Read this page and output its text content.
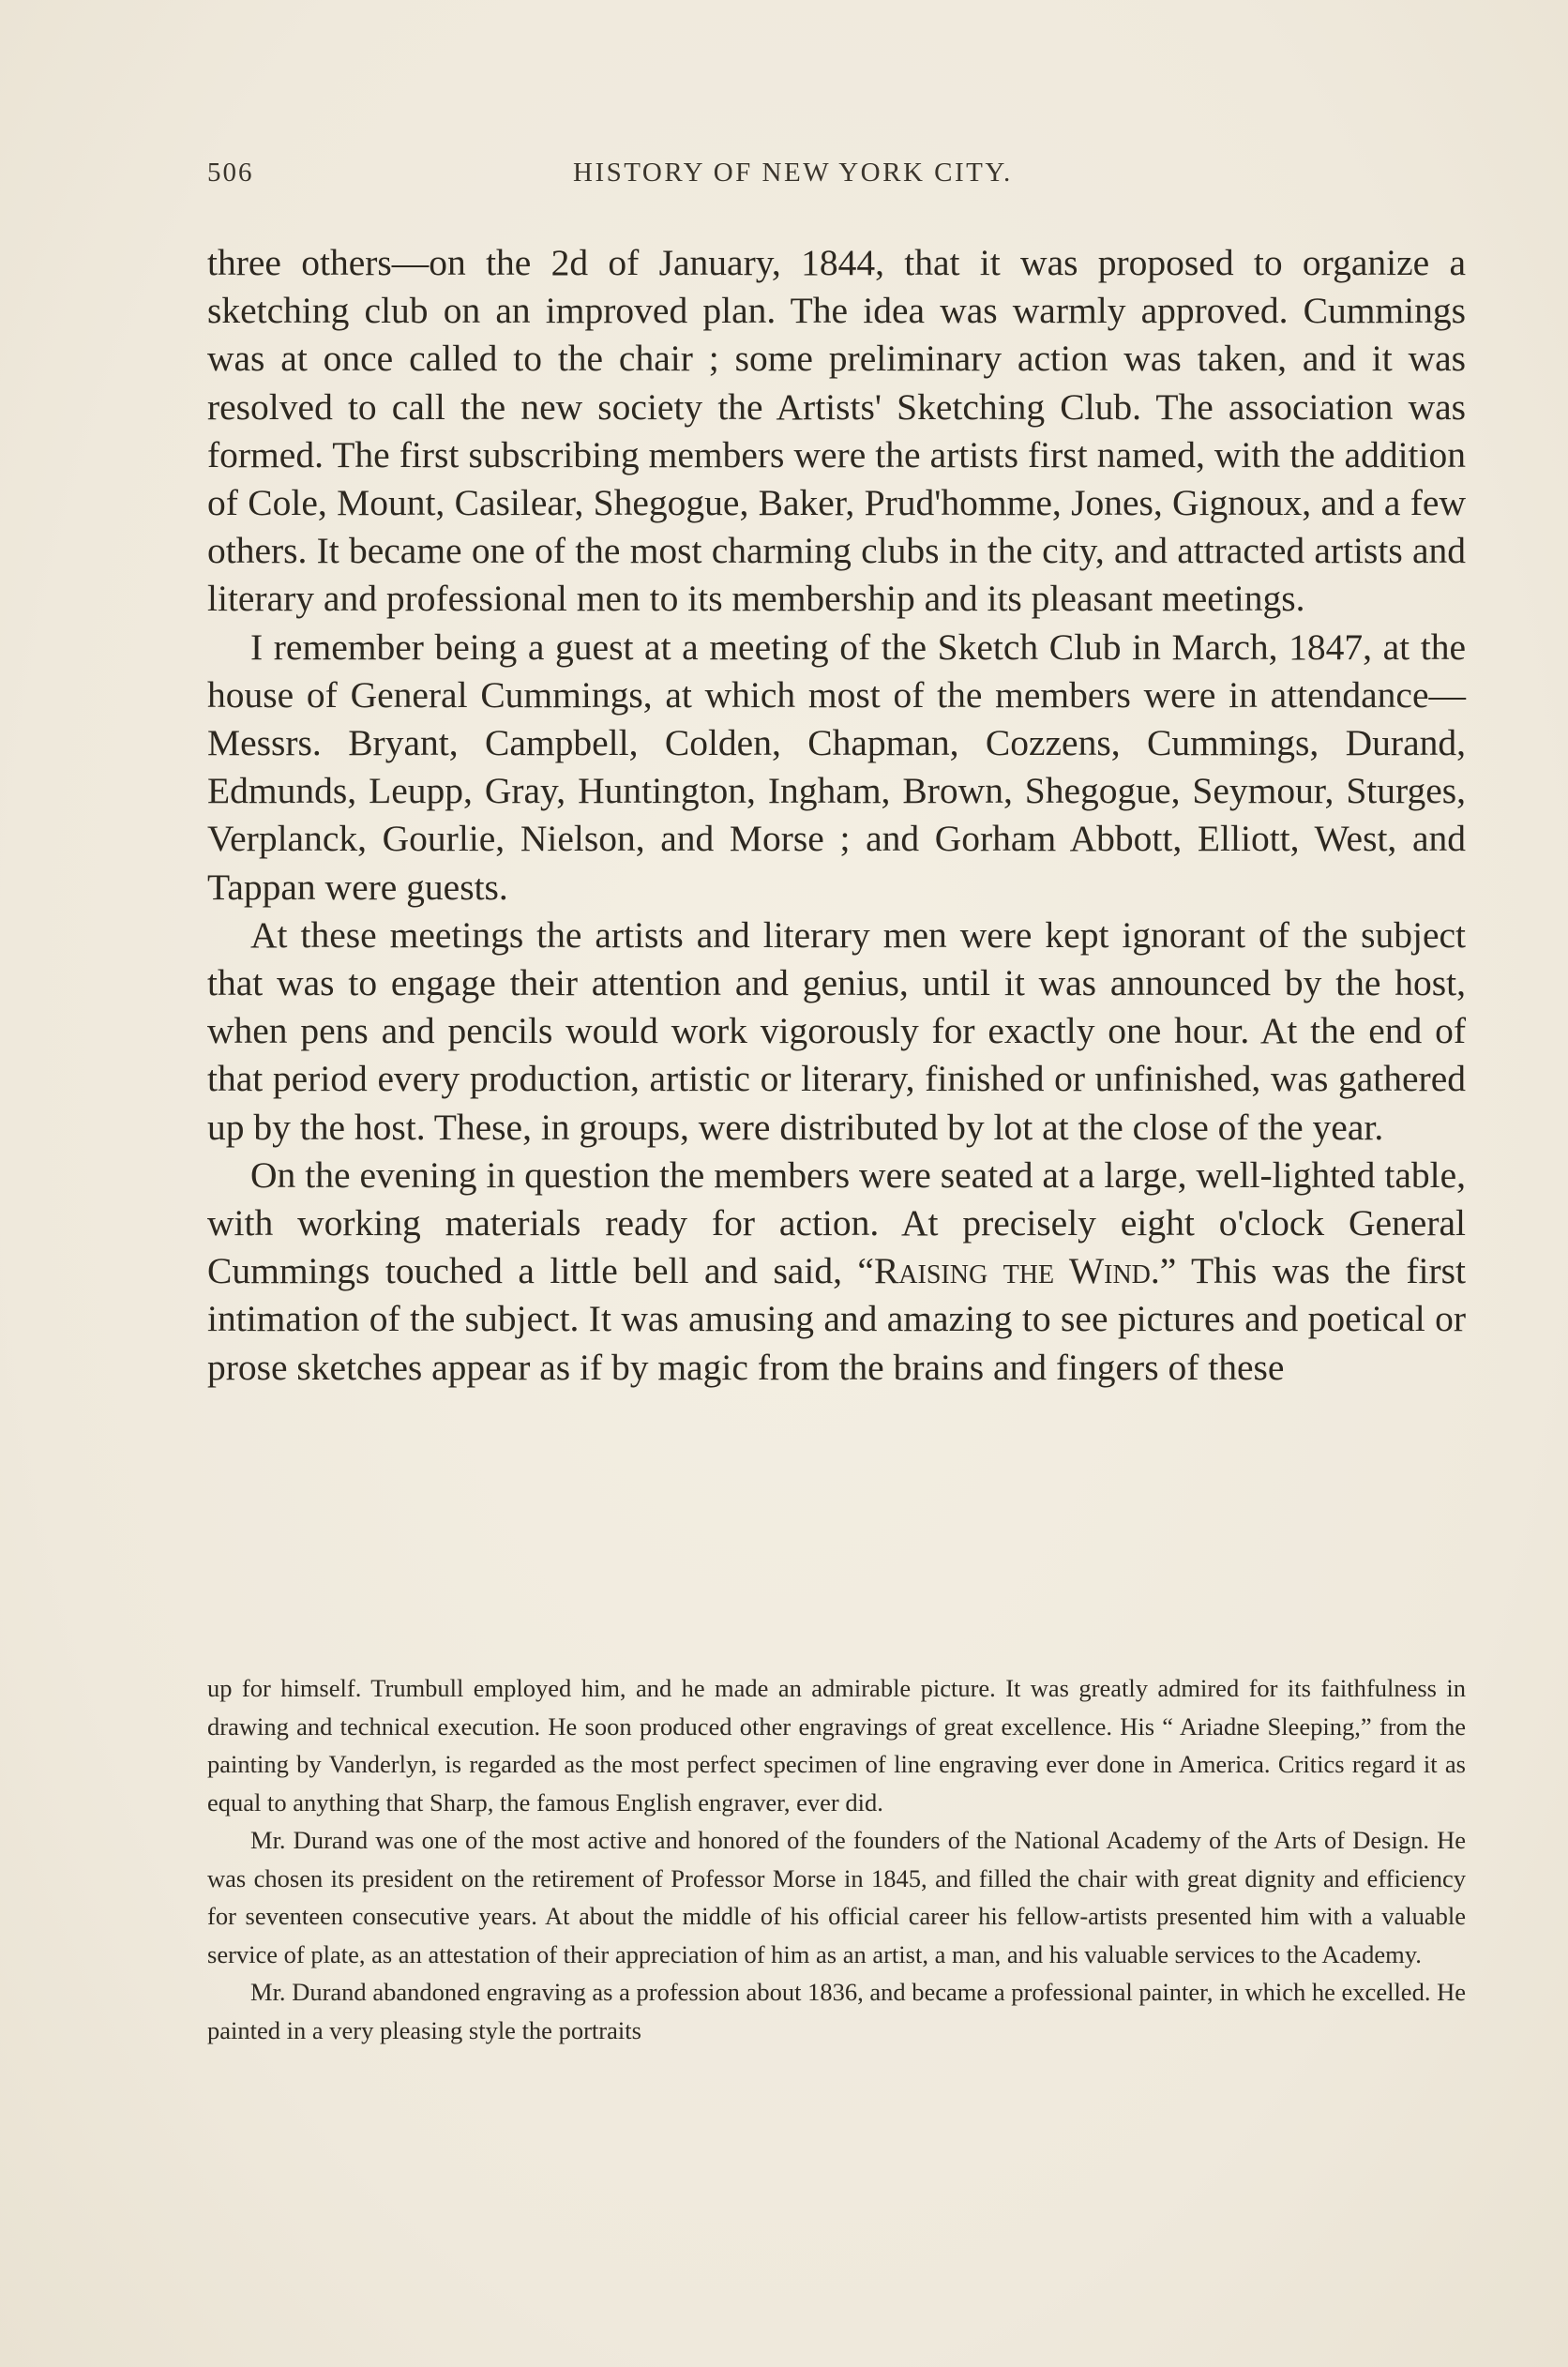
506	HISTORY OF NEW YORK CITY.

three others—on the 2d of January, 1844, that it was proposed to organize a sketching club on an improved plan. The idea was warmly approved. Cummings was at once called to the chair ; some preliminary action was taken, and it was resolved to call the new society the Artists' Sketching Club. The association was formed. The first subscribing members were the artists first named, with the addition of Cole, Mount, Casilear, Shegogue, Baker, Prud'homme, Jones, Gignoux, and a few others. It became one of the most charming clubs in the city, and attracted artists and literary and professional men to its membership and its pleasant meetings.

I remember being a guest at a meeting of the Sketch Club in March, 1847, at the house of General Cummings, at which most of the members were in attendance—Messrs. Bryant, Campbell, Colden, Chapman, Cozzens, Cummings, Durand, Edmunds, Leupp, Gray, Huntington, Ingham, Brown, Shegogue, Seymour, Sturges, Verplanck, Gourlie, Nielson, and Morse ; and Gorham Abbott, Elliott, West, and Tappan were guests.

At these meetings the artists and literary men were kept ignorant of the subject that was to engage their attention and genius, until it was announced by the host, when pens and pencils would work vigorously for exactly one hour. At the end of that period every production, artistic or literary, finished or unfinished, was gathered up by the host. These, in groups, were distributed by lot at the close of the year.

On the evening in question the members were seated at a large, well-lighted table, with working materials ready for action. At precisely eight o'clock General Cummings touched a little bell and said, “Raising the Wind.” This was the first intimation of the subject. It was amusing and amazing to see pictures and poetical or prose sketches appear as if by magic from the brains and fingers of these

up for himself. Trumbull employed him, and he made an admirable picture. It was greatly admired for its faithfulness in drawing and technical execution. He soon produced other engravings of great excellence. His “ Ariadne Sleeping,” from the painting by Vanderlyn, is regarded as the most perfect specimen of line engraving ever done in America. Critics regard it as equal to anything that Sharp, the famous English engraver, ever did.

Mr. Durand was one of the most active and honored of the founders of the National Academy of the Arts of Design. He was chosen its president on the retirement of Professor Morse in 1845, and filled the chair with great dignity and efficiency for seventeen consecutive years. At about the middle of his official career his fellow-artists presented him with a valuable service of plate, as an attestation of their appreciation of him as an artist, a man, and his valuable services to the Academy.

Mr. Durand abandoned engraving as a profession about 1836, and became a professional painter, in which he excelled. He painted in a very pleasing style the portraits
